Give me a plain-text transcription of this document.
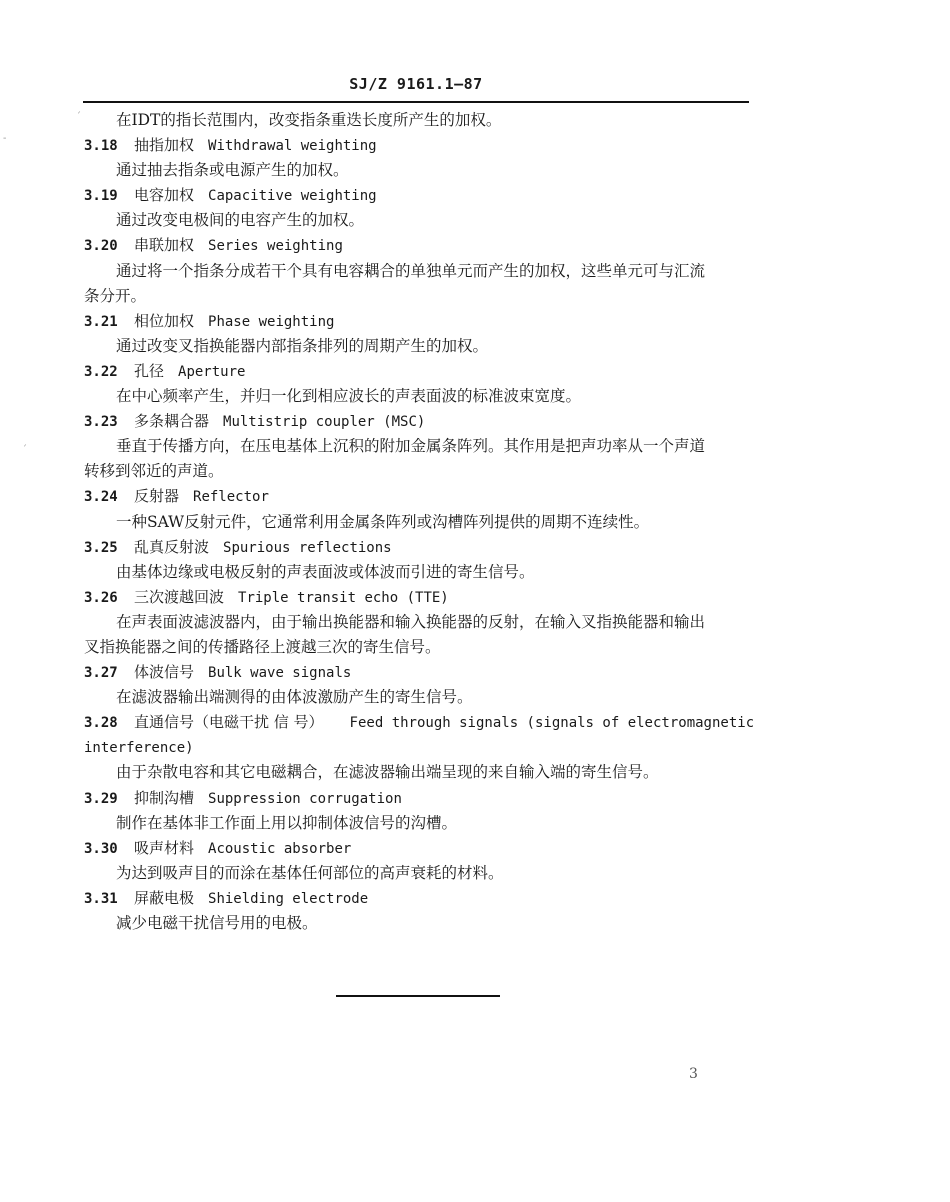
SJ/Z 9161.1—87
ˊ
-
ˊ
在IDT的指长范围内，改变指条重迭长度所产生的加权。
3.18 抽指加权 Withdrawal weighting
通过抽去指条或电源产生的加权。
3.19 电容加权 Capacitive weighting
通过改变电极间的电容产生的加权。
3.20 串联加权 Series weighting
通过将一个指条分成若干个具有电容耦合的单独单元而产生的加权，这些单元可与汇流
条分开。
3.21 相位加权 Phase weighting
通过改变叉指换能器内部指条排列的周期产生的加权。
3.22 孔径 Aperture
在中心频率产生，并归一化到相应波长的声表面波的标准波束宽度。
3.23 多条耦合器 Multistrip coupler (MSC)
垂直于传播方向，在压电基体上沉积的附加金属条阵列。其作用是把声功率从一个声道
转移到邻近的声道。
3.24 反射器 Reflector
一种SAW反射元件，它通常利用金属条阵列或沟槽阵列提供的周期不连续性。
3.25 乱真反射波 Spurious reflections
由基体边缘或电极反射的声表面波或体波而引进的寄生信号。
3.26 三次渡越回波 Triple transit echo (TTE)
在声表面波滤波器内，由于输出换能器和输入换能器的反射，在输入叉指换能器和输出
叉指换能器之间的传播路径上渡越三次的寄生信号。
3.27 体波信号 Bulk wave signals
在滤波器输出端测得的由体波激励产生的寄生信号。
3.28 直通信号（电磁干扰 信 号） Feed through signals (signals of electromagnetic
interference)
由于杂散电容和其它电磁耦合，在滤波器输出端呈现的来自输入端的寄生信号。
3.29 抑制沟槽 Suppression corrugation
制作在基体非工作面上用以抑制体波信号的沟槽。
3.30 吸声材料 Acoustic absorber
为达到吸声目的而涂在基体任何部位的高声衰耗的材料。
3.31 屏蔽电极 Shielding electrode
减少电磁干扰信号用的电极。
3
